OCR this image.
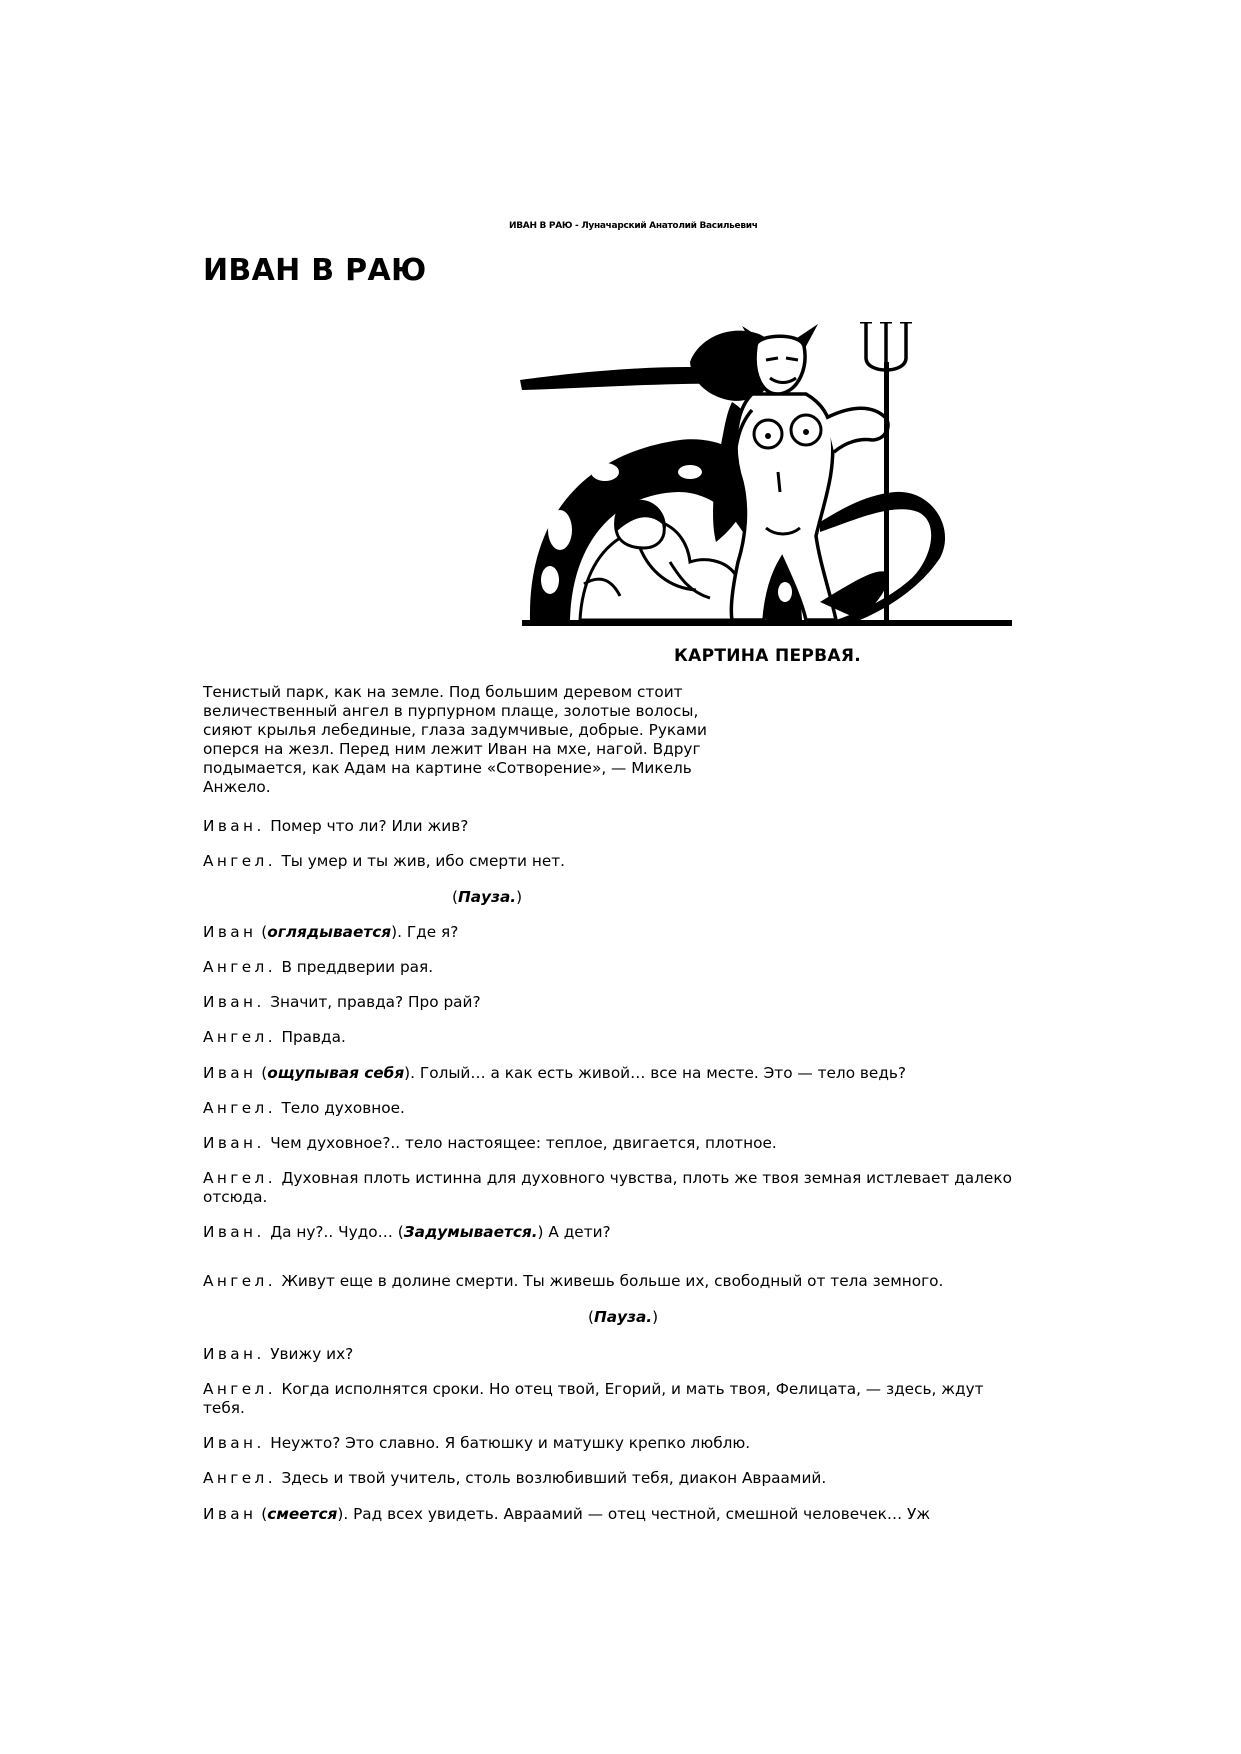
ИВАН В РАЮ - Луначарский Анатолий Васильевич
ИВАН В РАЮ
КАРТИНА ПЕРВАЯ.
Тенистый парк, как на земле. Под большим деревом стоит
величественный ангел в пурпурном плаще, золотые волосы,
сияют крылья лебединые, глаза задумчивые, добрые. Руками
оперся на жезл. Перед ним лежит Иван на мхе, нагой. Вдруг
подымается, как Адам на картине «Сотворение», — Микель
Анжело.
Иван. Помер что ли? Или жив?
Ангел. Ты умер и ты жив, ибо смерти нет.
(Пауза.)
Иван (оглядывается). Где я?
Ангел. В преддверии рая.
Иван. Значит, правда? Про рай?
Ангел. Правда.
Иван (ощупывая себя). Голый… а как есть живой… все на месте. Это — тело ведь?
Ангел. Тело духовное.
Иван. Чем духовное?.. тело настоящее: теплое, двигается, плотное.
Ангел. Духовная плоть истинна для духовного чувства, плоть же твоя земная истлевает далеко отсюда.
Иван. Да ну?.. Чудо… (Задумывается.) А дети?
Ангел. Живут еще в долине смерти. Ты живешь больше их, свободный от тела земного.
(Пауза.)
Иван. Увижу их?
Ангел. Когда исполнятся сроки. Но отец твой, Егорий, и мать твоя, Фелицата, — здесь, ждут тебя.
Иван. Неужто? Это славно. Я батюшку и матушку крепко люблю.
Ангел. Здесь и твой учитель, столь возлюбивший тебя, диакон Авраамий.
Иван (смеется). Рад всех увидеть. Авраамий — отец честной, смешной человечек… Уж
